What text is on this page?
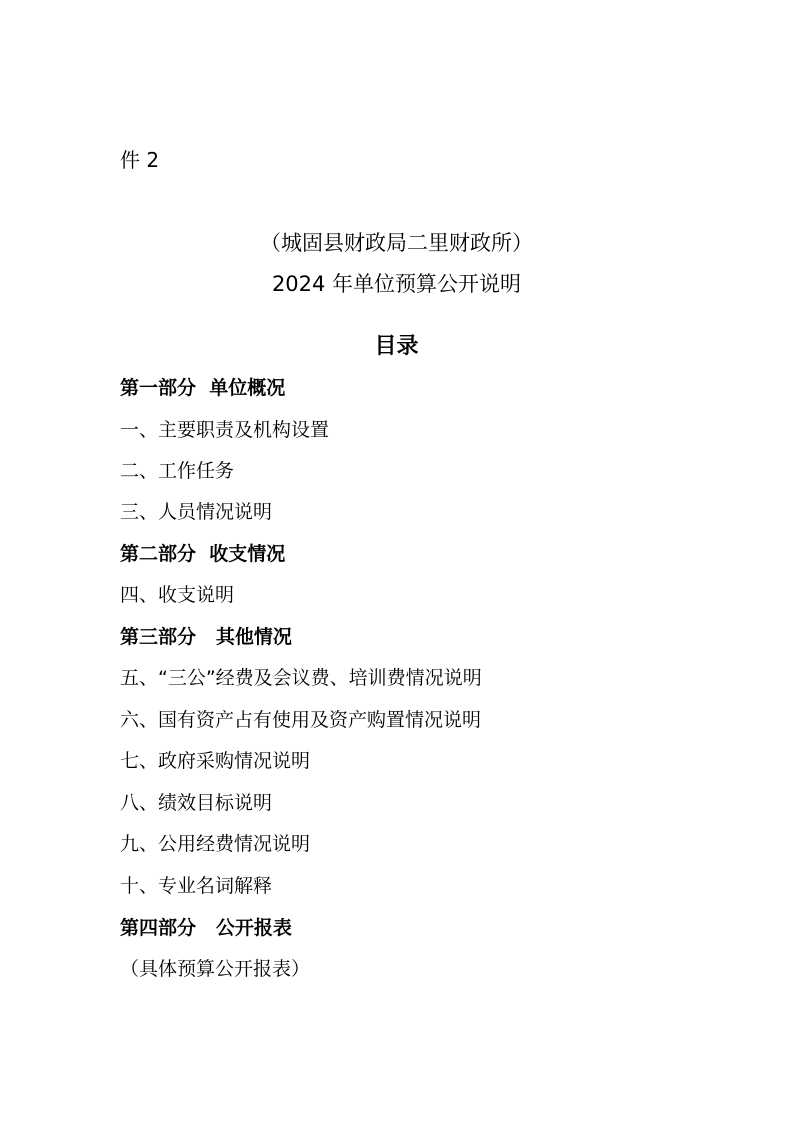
件 2
（城固县财政局二里财政所）
2024 年单位预算公开说明
目录
第一部分  单位概况
一、主要职责及机构设置
二、工作任务
三、人员情况说明
第二部分  收支情况
四、收支说明
第三部分   其他情况
五、“三公”经费及会议费、培训费情况说明
六、国有资产占有使用及资产购置情况说明
七、政府采购情况说明
八、绩效目标说明
九、公用经费情况说明
十、专业名词解释
第四部分   公开报表
（具体预算公开报表）
